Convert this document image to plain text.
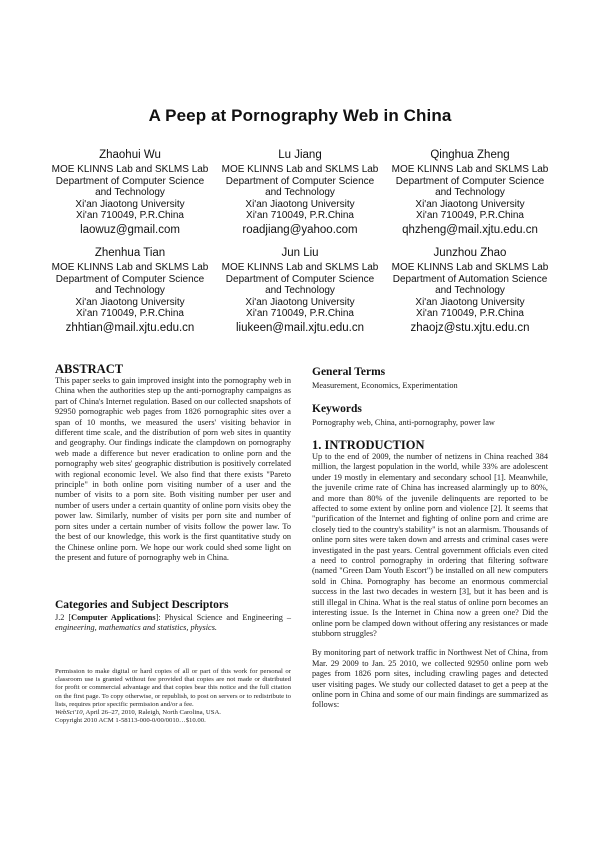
A Peep at Pornography Web in China
Zhaohui Wu
MOE KLINNS Lab and SKLMS Lab
Department of Computer Science
and Technology
Xi'an Jiaotong University
Xi'an 710049, P.R.China
laowuz@gmail.com
Lu Jiang
MOE KLINNS Lab and SKLMS Lab
Department of Computer Science
and Technology
Xi'an Jiaotong University
Xi'an 710049, P.R.China
roadjiang@yahoo.com
Qinghua Zheng
MOE KLINNS Lab and SKLMS Lab
Department of Computer Science
and Technology
Xi'an Jiaotong University
Xi'an 710049, P.R.China
qhzheng@mail.xjtu.edu.cn
Zhenhua Tian
MOE KLINNS Lab and SKLMS Lab
Department of Computer Science
and Technology
Xi'an Jiaotong University
Xi'an 710049, P.R.China
zhhtian@mail.xjtu.edu.cn
Jun Liu
MOE KLINNS Lab and SKLMS Lab
Department of Computer Science
and Technology
Xi'an Jiaotong University
Xi'an 710049, P.R.China
liukeen@mail.xjtu.edu.cn
Junzhou Zhao
MOE KLINNS Lab and SKLMS Lab
Department of Automation Science
and Technology
Xi'an Jiaotong University
Xi'an 710049, P.R.China
zhaojz@stu.xjtu.edu.cn
ABSTRACT

This paper seeks to gain improved insight into the pornography web in China when the authorities step up the anti-pornography campaigns as part of China's Internet regulation. Based on our collected snapshots of 92950 pornographic web pages from 1826 pornographic sites over a span of 10 months, we measured the users' visiting behavior in different time scale, and the distribution of porn web sites in quantity and geography. Our findings indicate the clampdown on pornography web made a difference but never eradication to online porn and the pornography web sites' geographic distribution is positively correlated with regional economic level. We also find that there exists "Pareto principle" in both online porn visiting number of a user and the number of visits to a porn site. Both visiting number per user and number of users under a certain quantity of online porn visits obey the power law. Similarly, number of visits per porn site and number of porn sites under a certain number of visits follow the power law. To the best of our knowledge, this work is the first quantitative study on the Chinese online porn. We hope our work could shed some light on the present and future of pornography web in China.

Categories and Subject Descriptors

J.2 [Computer Applications]: Physical Science and Engineering – engineering, mathematics and statistics, physics.

Permission to make digital or hard copies of all or part of this work for personal or classroom use is granted without fee provided that copies are not made or distributed for profit or commercial advantage and that copies bear this notice and the full citation on the first page. To copy otherwise, or republish, to post on servers or to redistribute to lists, requires prior specific permission and/or a fee.

WebSci'10, April 26–27, 2010, Raleigh, North Carolina, USA.

Copyright 2010 ACM 1-58113-000-0/00/0010…$10.00.

General Terms

Measurement, Economics, Experimentation

Keywords

Pornography web, China, anti-pornography, power law

1. INTRODUCTION

Up to the end of 2009, the number of netizens in China reached 384 million, the largest population in the world, while 33% are adolescent under 19 mostly in elementary and secondary school [1]. Meanwhile, the juvenile crime rate of China has increased alarmingly up to 80%, and more than 80% of the juvenile delinquents are reported to be affected to some extent by online porn and violence [2]. It seems that "purification of the Internet and fighting of online porn and crime are closely tied to the country's stability" is not an alarmism. Thousands of online porn sites were taken down and arrests and criminal cases were investigated in the past years. Central government officials even cited a need to control pornography in ordering that filtering software (named "Green Dam Youth Escort") be installed on all new computers sold in China. Pornography has become an enormous commercial success in the last two decades in western [3], but it has been and is still illegal in China. What is the real status of online porn becomes an interesting issue. Is the Internet in China now a green one? Did the online porn be clamped down without offering any resistances or made stubborn struggles?

By monitoring part of network traffic in Northwest Net of China, from Mar. 29 2009 to Jan. 25 2010, we collected 92950 online porn web pages from 1826 porn sites, including crawling pages and detected user visiting pages. We study our collected dataset to get a peep at the online porn in China and some of our main findings are summarized as follows:
